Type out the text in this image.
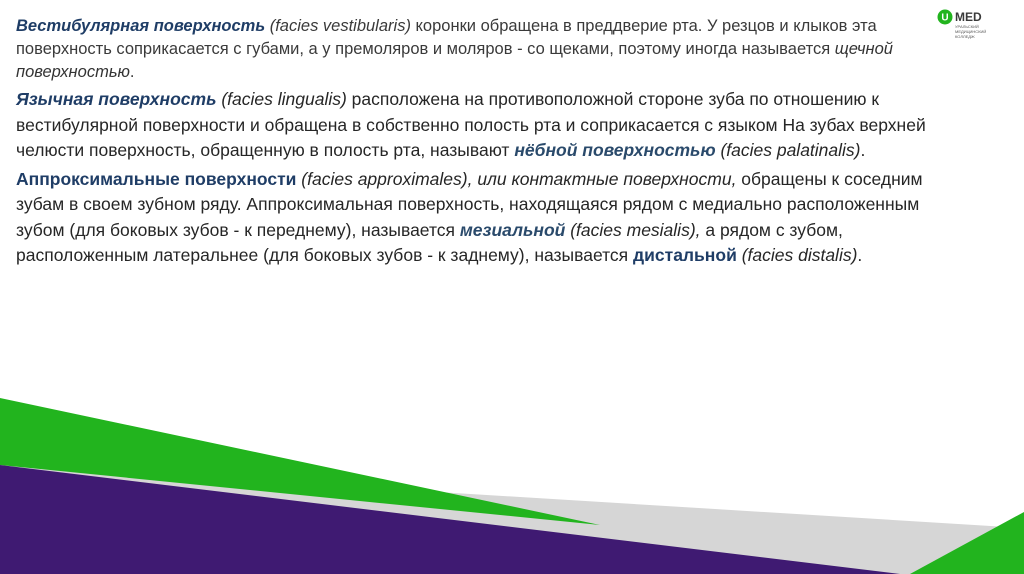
U MED
УРАЛЬСКИЙ
МЕДИЦИНСКИЙ
КОЛЛЕДЖ

Вестибулярная поверхность (facies vestibularis) коронки обращена в преддверие рта. У резцов и клыков эта поверхность соприкасается с губами, а у премоляров и моляров - со щеками, поэтому иногда называется щечной поверхностью.

Язычная поверхность (facies lingualis) расположена на противоположной стороне зуба по отношению к вестибулярной поверхности и обращена в собственно полость рта и соприкасается с языком На зубах верхней челюсти поверхность, обращенную в полость рта, называют нёбной поверхностью (facies palatinalis).

Аппроксимальные поверхности (facies approximales), или контактные поверхности, обращены к соседним зубам в своем зубном ряду. Аппроксимальная поверхность, находящаяся рядом с медиально расположенным зубом (для боковых зубов - к переднему), называется мезиальной (facies mesialis), а рядом с зубом, расположенным латеральнее (для боковых зубов - к заднему), называется дистальной (facies distalis).
